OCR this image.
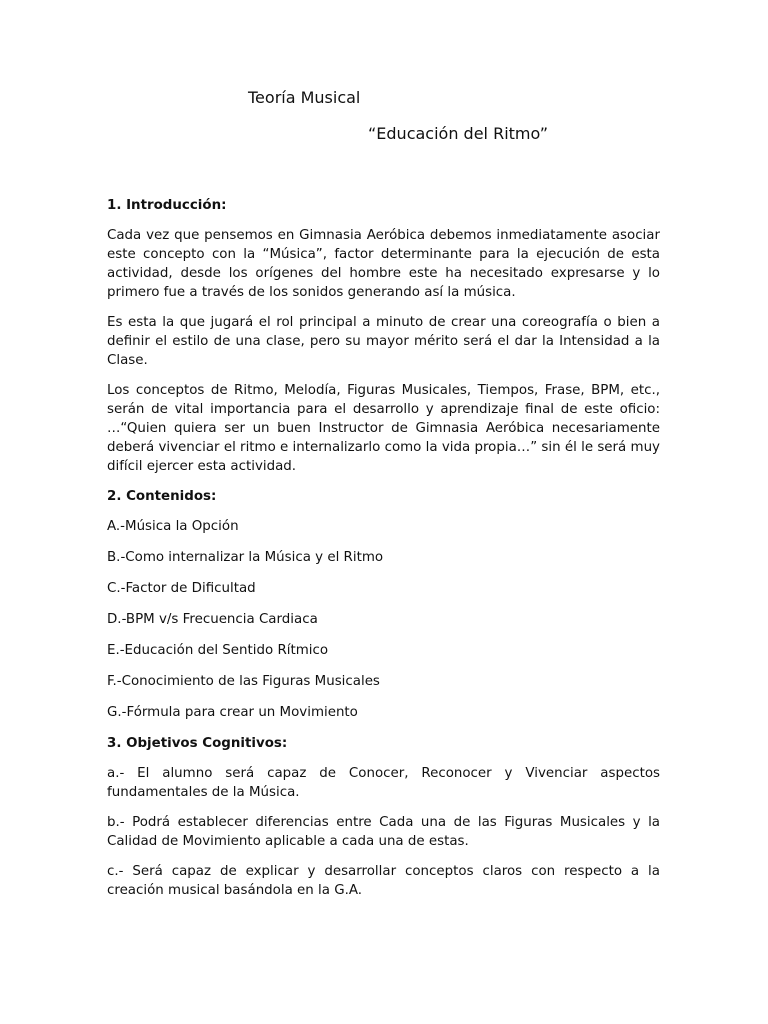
Teoría Musical
“Educación del Ritmo”

1. Introducción:

Cada vez que pensemos en Gimnasia Aeróbica debemos inmediatamente asociar este concepto con la “Música”, factor determinante para la ejecución de esta actividad, desde los orígenes del hombre este ha necesitado expresarse y lo primero fue a través de los sonidos generando así la música.

Es esta la que jugará el rol principal a minuto de crear una coreografía o bien a definir el estilo de una clase, pero su mayor mérito será el dar la Intensidad a la Clase.

Los conceptos de Ritmo, Melodía, Figuras Musicales, Tiempos, Frase, BPM, etc., serán de vital importancia para el desarrollo y aprendizaje final de este oficio: …“Quien quiera ser un buen Instructor de Gimnasia Aeróbica necesariamente deberá vivenciar el ritmo e internalizarlo como la vida propia…” sin él le será muy difícil ejercer esta actividad.

2. Contenidos:

A.-Música la Opción
B.-Como internalizar la Música y el Ritmo
C.-Factor de Dificultad
D.-BPM v/s Frecuencia Cardiaca
E.-Educación del Sentido Rítmico
F.-Conocimiento de las Figuras Musicales
G.-Fórmula para crear un Movimiento

3. Objetivos Cognitivos:

a.- El alumno será capaz de Conocer, Reconocer y Vivenciar aspectos fundamentales de la Música.

b.- Podrá establecer diferencias entre Cada una de las Figuras Musicales y la Calidad de Movimiento aplicable a cada una de estas.

c.- Será capaz de explicar y desarrollar conceptos claros con respecto a la creación musical basándola en la G.A.
